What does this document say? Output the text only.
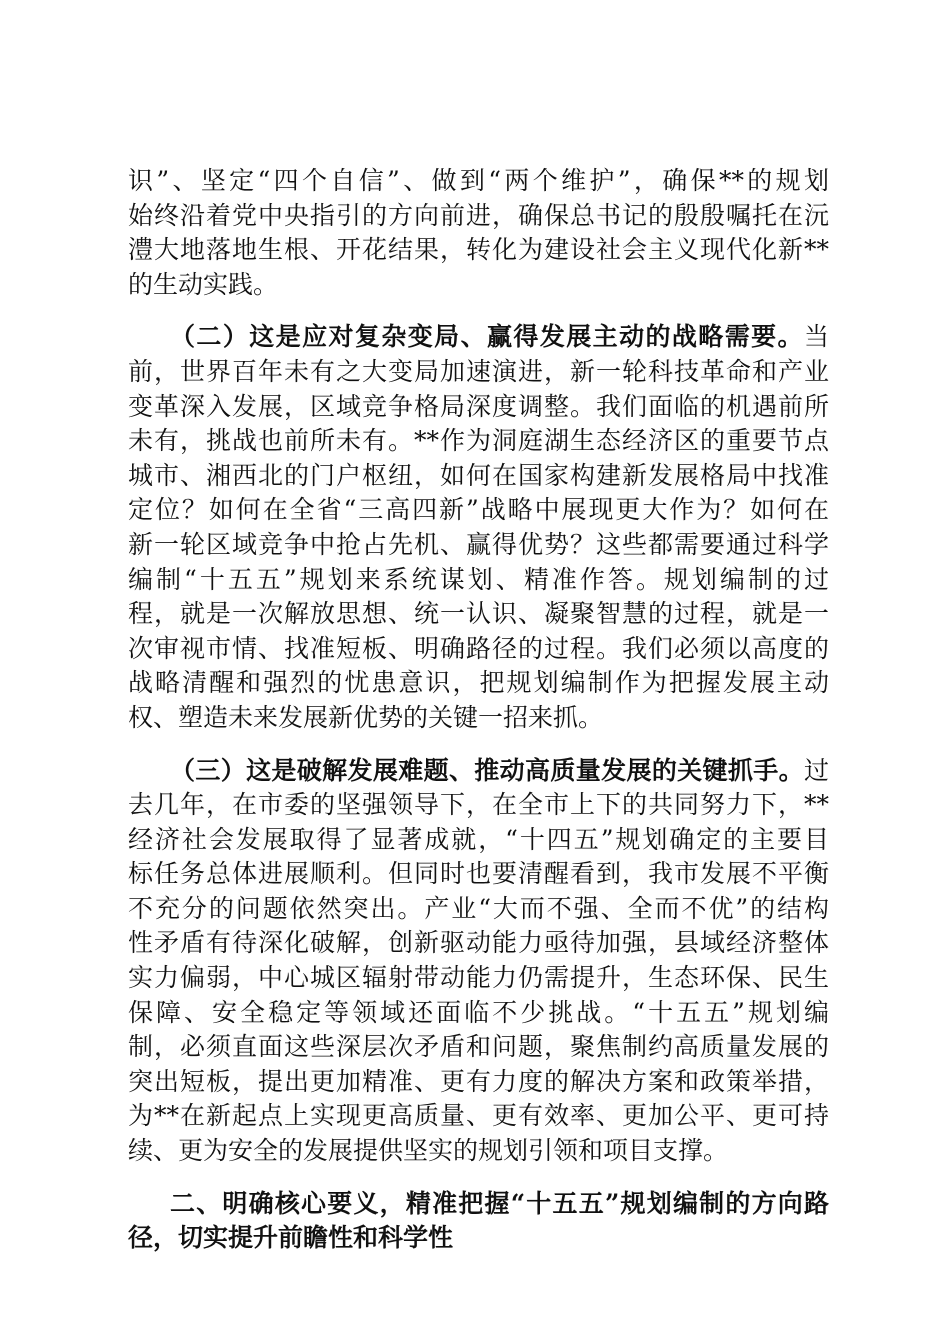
识”、坚定“四个自信”、做到“两个维护”，确保**的规划
始终沿着党中央指引的方向前进，确保总书记的殷殷嘱托在沅
澧大地落地生根、开花结果，转化为建设社会主义现代化新**
的生动实践。
（二）这是应对复杂变局、赢得发展主动的战略需要。当
前，世界百年未有之大变局加速演进，新一轮科技革命和产业
变革深入发展，区域竞争格局深度调整。我们面临的机遇前所
未有，挑战也前所未有。**作为洞庭湖生态经济区的重要节点
城市、湘西北的门户枢纽，如何在国家构建新发展格局中找准
定位？如何在全省“三高四新”战略中展现更大作为？如何在
新一轮区域竞争中抢占先机、赢得优势？这些都需要通过科学
编制“十五五”规划来系统谋划、精准作答。规划编制的过
程，就是一次解放思想、统一认识、凝聚智慧的过程，就是一
次审视市情、找准短板、明确路径的过程。我们必须以高度的
战略清醒和强烈的忧患意识，把规划编制作为把握发展主动
权、塑造未来发展新优势的关键一招来抓。
（三）这是破解发展难题、推动高质量发展的关键抓手。过
去几年，在市委的坚强领导下，在全市上下的共同努力下，**
经济社会发展取得了显著成就，“十四五”规划确定的主要目
标任务总体进展顺利。但同时也要清醒看到，我市发展不平衡
不充分的问题依然突出。产业“大而不强、全而不优”的结构
性矛盾有待深化破解，创新驱动能力亟待加强，县域经济整体
实力偏弱，中心城区辐射带动能力仍需提升，生态环保、民生
保障、安全稳定等领域还面临不少挑战。“十五五”规划编
制，必须直面这些深层次矛盾和问题，聚焦制约高质量发展的
突出短板，提出更加精准、更有力度的解决方案和政策举措，
为**在新起点上实现更高质量、更有效率、更加公平、更可持
续、更为安全的发展提供坚实的规划引领和项目支撑。
二、明确核心要义，精准把握“十五五”规划编制的方向路
径，切实提升前瞻性和科学性
